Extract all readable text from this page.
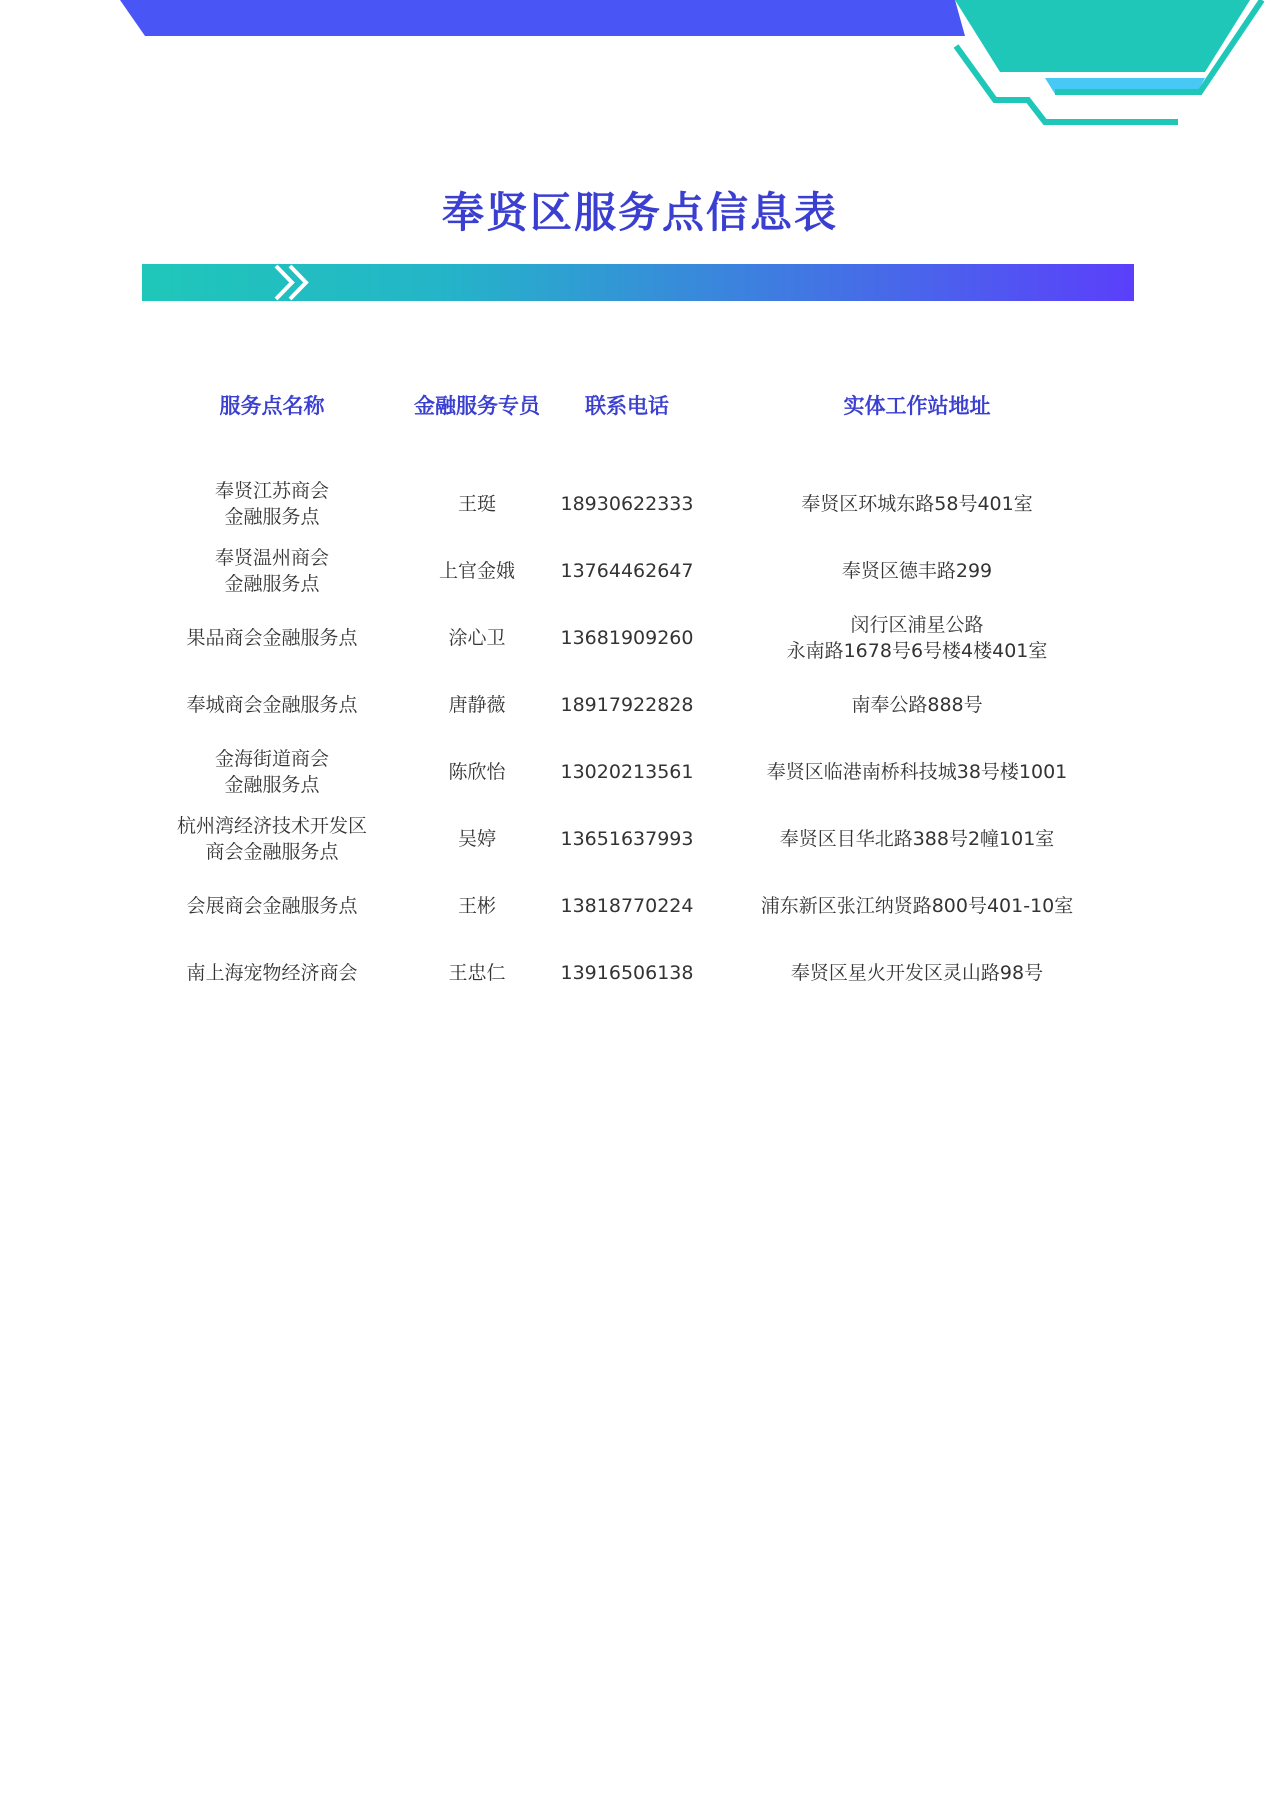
奉贤区服务点信息表
服务点名称	金融服务专员	联系电话	实体工作站地址

奉贤江苏商会
金融服务点	王珽	18930622333	奉贤区环城东路58号401室

奉贤温州商会
金融服务点	上官金娥	13764462647	奉贤区德丰路299

果品商会金融服务点	涂心卫	13681909260	闵行区浦星公路
永南路1678号6号楼4楼401室

奉城商会金融服务点	唐静薇	18917922828	南奉公路888号

金海街道商会
金融服务点	陈欣怡	13020213561	奉贤区临港南桥科技城38号楼1001

杭州湾经济技术开发区
商会金融服务点	吴婷	13651637993	奉贤区目华北路388号2幢101室

会展商会金融服务点	王彬	13818770224	浦东新区张江纳贤路800号401-10室

南上海宠物经济商会	王忠仁	13916506138	奉贤区星火开发区灵山路98号
